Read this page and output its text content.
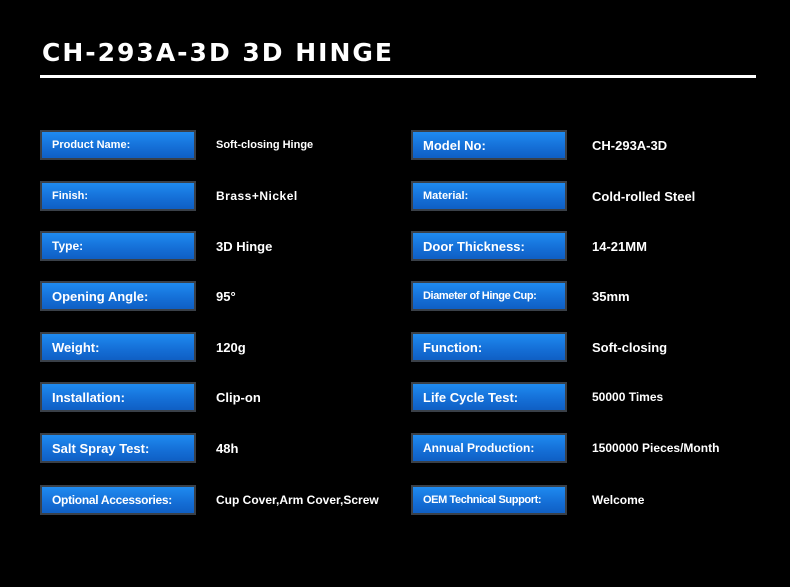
CH-293A-3D 3D HINGE
Product Name:	Soft-closing Hinge	Model No:	CH-293A-3D
Finish:	Brass+Nickel	Material:	Cold-rolled Steel
Type:	3D Hinge	Door Thickness:	14-21MM
Opening Angle:	95°	Diameter of Hinge Cup:	35mm
Weight:	120g	Function:	Soft-closing
Installation:	Clip-on	Life Cycle Test:	50000 Times
Salt Spray Test:	48h	Annual Production:	1500000 Pieces/Month
Optional Accessories:	Cup Cover,Arm Cover,Screw	OEM Technical Support:	Welcome
